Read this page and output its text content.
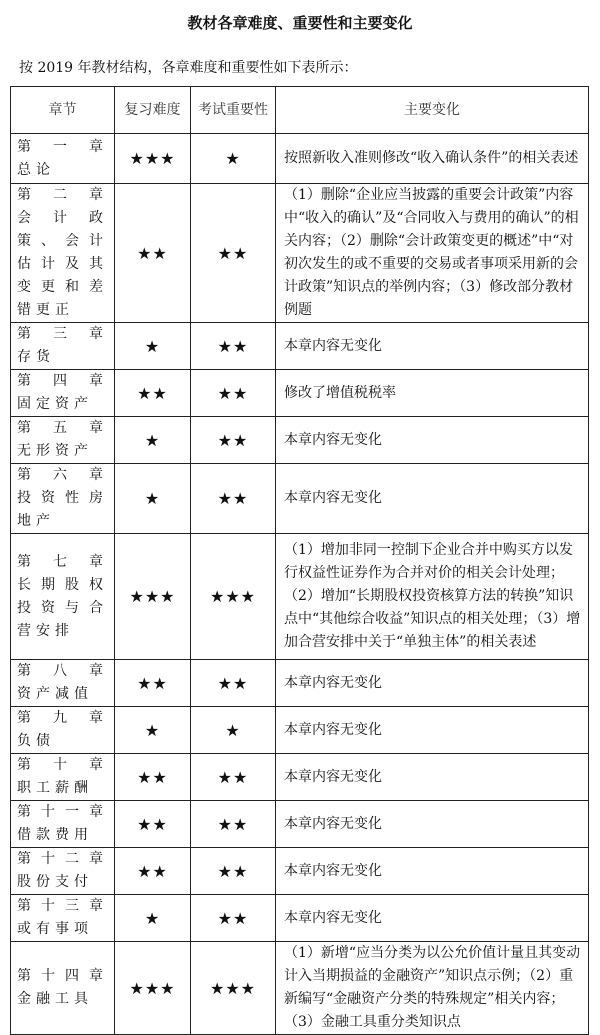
教材各章难度、重要性和主要变化
按 2019 年教材结构，各章难度和重要性如下表所示：
章节	复习难度	考试重要性	主要变化
第一章　总论	★★★	★	按照新收入准则修改“收入确认条件”的相关表述
第二章　会计政策、会计估计及其变更和差错更正	★★	★★	（1）删除“企业应当披露的重要会计政策”内容中“收入的确认”及“合同收入与费用的确认”的相关内容；（2）删除“会计政策变更的概述”中“对初次发生的或不重要的交易或者事项采用新的会计政策”知识点的举例内容；（3）修改部分教材例题
第三章　存货	★	★★	本章内容无变化
第四章　固定资产	★★	★★	修改了增值税税率
第五章　无形资产	★	★★	本章内容无变化
第六章　投资性房地产	★	★★	本章内容无变化
第七章　长期股权投资与合营安排	★★★	★★★	（1）增加非同一控制下企业合并中购买方以发行权益性证券作为合并对价的相关会计处理；（2）增加“长期股权投资核算方法的转换”知识点中“其他综合收益”知识点的相关处理；（3）增加合营安排中关于“单独主体”的相关表述
第八章　资产减值	★★	★★	本章内容无变化
第九章　负债	★	★	本章内容无变化
第十章　职工薪酬	★★	★★	本章内容无变化
第十一章借款费用	★★	★★	本章内容无变化
第十二章股份支付	★★	★★	本章内容无变化
第十三章或有事项	★	★★	本章内容无变化
第十四章金融工具	★★★	★★★	（1）新增“应当分类为以公允价值计量且其变动计入当期损益的金融资产”知识点示例；（2）重新编写“金融资产分类的特殊规定”相关内容；（3）金融工具重分类知识点
